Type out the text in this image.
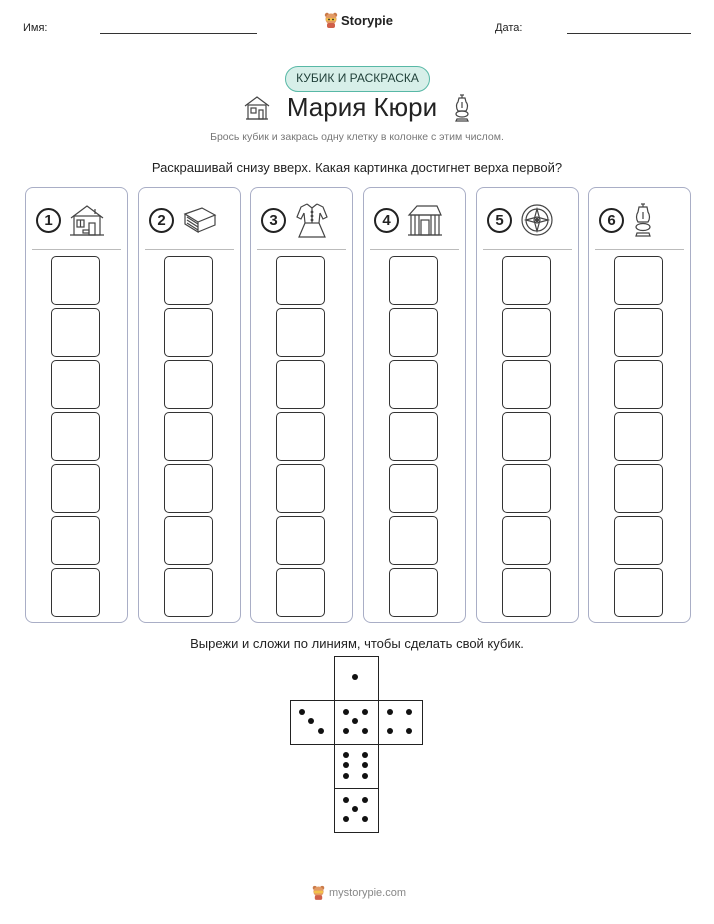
Имя:
Storypie
Дата:
КУБИК И РАСКРАСКА
Мария Кюри
Брось кубик и закрась одну клетку в колонке с этим числом.
Раскрашивай снизу вверх. Какая картинка достигнет верха первой?
1	2	3	4	5	6
Вырежи и сложи по линиям, чтобы сделать свой кубик.
mystorypie.com
